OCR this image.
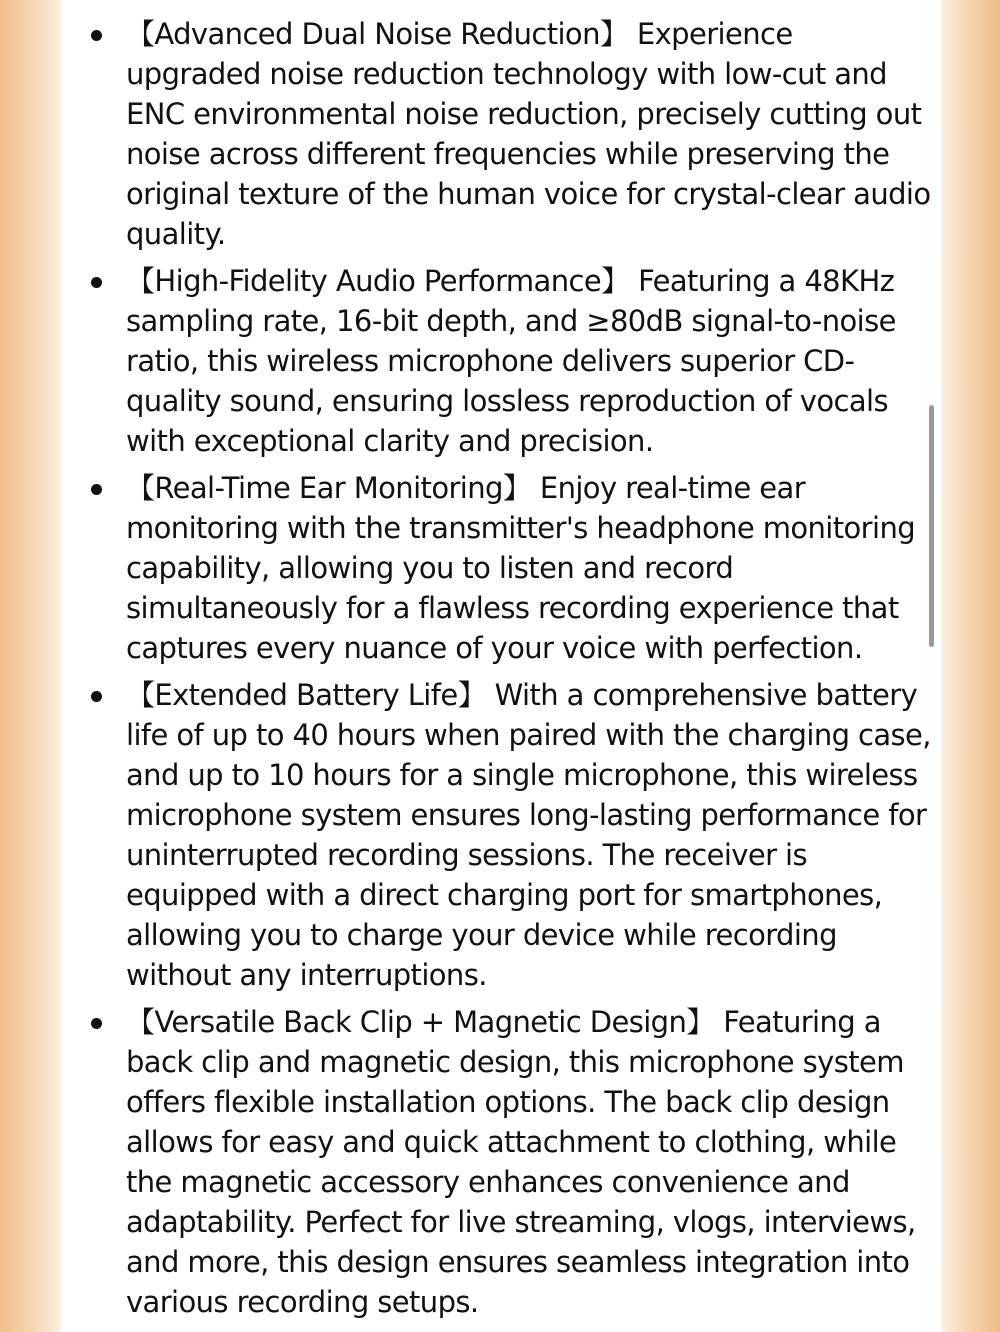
【Advanced Dual Noise Reduction】 Experience upgraded noise reduction technology with low-cut and ENC environmental noise reduction, precisely cutting out noise across different frequencies while preserving the original texture of the human voice for crystal-clear audio quality.
【High-Fidelity Audio Performance】 Featuring a 48KHz sampling rate, 16-bit depth, and ≥80dB signal-to-noise ratio, this wireless microphone delivers superior CD-quality sound, ensuring lossless reproduction of vocals with exceptional clarity and precision.
【Real-Time Ear Monitoring】 Enjoy real-time ear monitoring with the transmitter's headphone monitoring capability, allowing you to listen and record simultaneously for a flawless recording experience that captures every nuance of your voice with perfection.
【Extended Battery Life】 With a comprehensive battery life of up to 40 hours when paired with the charging case, and up to 10 hours for a single microphone, this wireless microphone system ensures long-lasting performance for uninterrupted recording sessions. The receiver is equipped with a direct charging port for smartphones, allowing you to charge your device while recording without any interruptions.
【Versatile Back Clip + Magnetic Design】 Featuring a back clip and magnetic design, this microphone system offers flexible installation options. The back clip design allows for easy and quick attachment to clothing, while the magnetic accessory enhances convenience and adaptability. Perfect for live streaming, vlogs, interviews, and more, this design ensures seamless integration into various recording setups.
